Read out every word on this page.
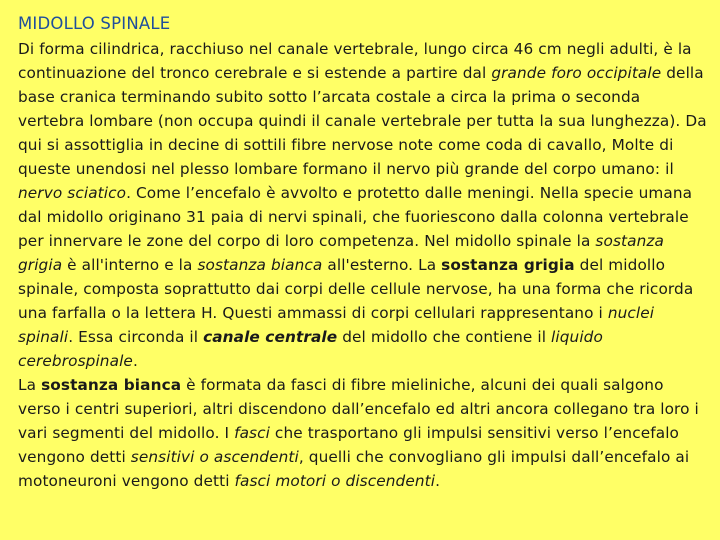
MIDOLLO SPINALE

Di forma cilindrica, racchiuso nel canale vertebrale, lungo circa 46 cm negli adulti, è la continuazione del tronco cerebrale e si estende a partire dal grande foro occipitale della base cranica terminando subito sotto l’arcata costale a circa la prima o seconda vertebra lombare (non occupa quindi il canale vertebrale per tutta la sua lunghezza). Da qui si assottiglia in decine di sottili fibre nervose note come coda di cavallo, Molte di queste unendosi nel plesso lombare formano il nervo più grande del corpo umano: il nervo sciatico. Come l’encefalo è avvolto e protetto dalle meningi. Nella specie umana dal midollo originano 31 paia di nervi spinali, che fuoriescono dalla colonna vertebrale per innervare le zone del corpo di loro competenza. Nel midollo spinale la sostanza grigia è all'interno e la sostanza bianca all'esterno. La sostanza grigia del midollo spinale, composta soprattutto dai corpi delle cellule nervose, ha una forma che ricorda una farfalla o la lettera H. Questi ammassi di corpi cellulari rappresentano i nuclei spinali. Essa circonda il canale centrale del midollo che contiene il liquido cerebrospinale.

La sostanza bianca è formata da fasci di fibre mieliniche, alcuni dei quali salgono verso i centri superiori, altri discendono dall’encefalo ed altri ancora collegano tra loro i vari segmenti del midollo. I fasci che trasportano gli impulsi sensitivi verso l’encefalo vengono detti sensitivi o ascendenti, quelli che convogliano gli impulsi dall’encefalo ai motoneuroni vengono detti fasci motori o discendenti.
